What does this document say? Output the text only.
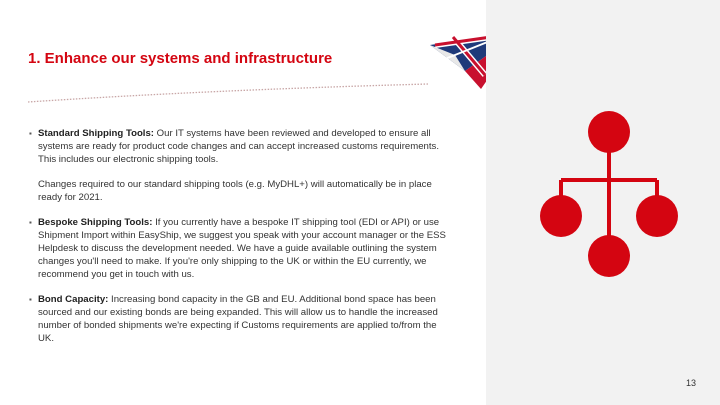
1. Enhance our systems and infrastructure
▪ Standard Shipping Tools: Our IT systems have been reviewed and developed to ensure all systems are ready for product code changes and can accept increased customs requirements. This includes our electronic shipping tools.
Changes required to our standard shipping tools (e.g. MyDHL+) will automatically be in place ready for 2021.
▪ Bespoke Shipping Tools: If you currently have a bespoke IT shipping tool (EDI or API) or use Shipment Import within EasyShip, we suggest you speak with your account manager or the ESS Helpdesk to discuss the development needed. We have a guide available outlining the system changes you'll need to make. If you're only shipping to the UK or within the EU currently, we recommend you get in touch with us.
▪ Bond Capacity: Increasing bond capacity in the GB and EU. Additional bond space has been sourced and our existing bonds are being expanded. This will allow us to handle the increased number of bonded shipments we're expecting if Customs requirements are applied to/from the UK.
13
